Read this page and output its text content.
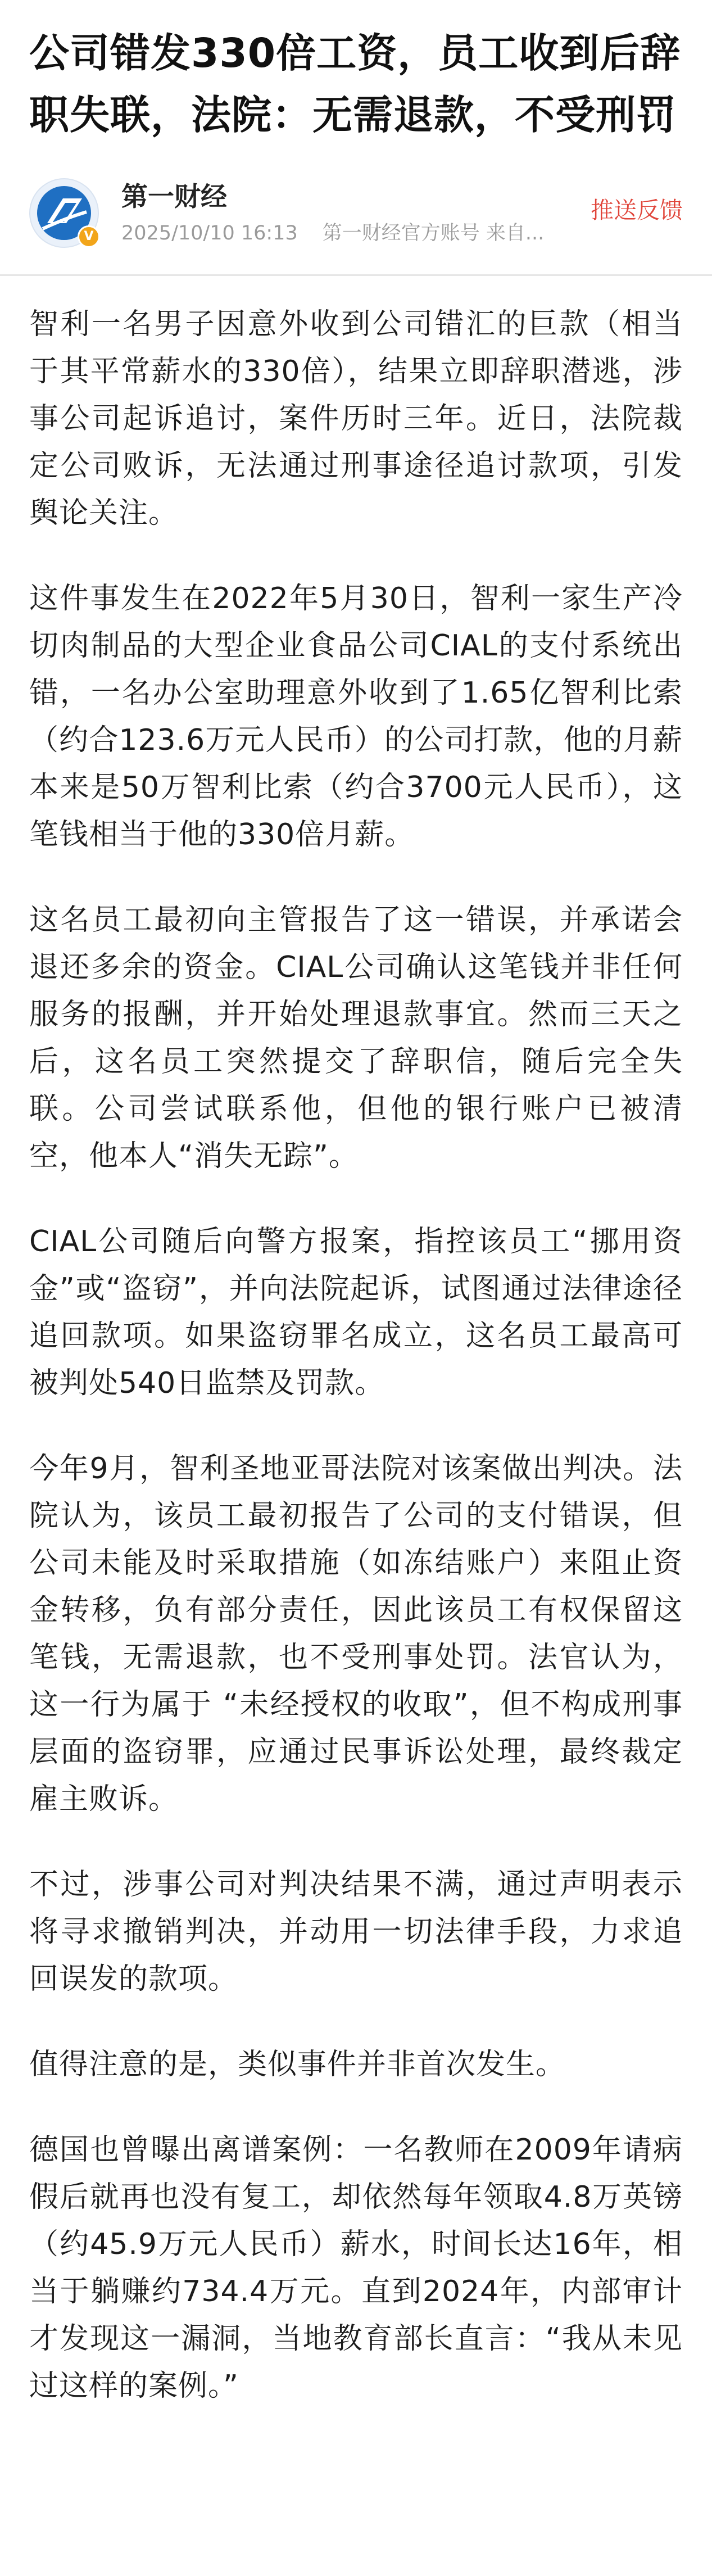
公司错发330倍工资，员工收到后辞职失联，法院：无需退款，不受刑罚
V
第一财经
2025/10/10 16:13 第一财经官方账号 来自...
推送反馈

智利一名男子因意外收到公司错汇的巨款（相当于其平常薪水的330倍），结果立即辞职潜逃，涉事公司起诉追讨，案件历时三年。近日，法院裁定公司败诉，无法通过刑事途径追讨款项，引发舆论关注。

这件事发生在2022年5月30日，智利一家生产冷切肉制品的大型企业食品公司CIAL的支付系统出错，一名办公室助理意外收到了1.65亿智利比索（约合123.6万元人民币）的公司打款，他的月薪本来是50万智利比索（约合3700元人民币），这笔钱相当于他的330倍月薪。

这名员工最初向主管报告了这一错误，并承诺会退还多余的资金。CIAL公司确认这笔钱并非任何服务的报酬，并开始处理退款事宜。然而三天之后，这名员工突然提交了辞职信，随后完全失联。公司尝试联系他，但他的银行账户已被清空，他本人“消失无踪”。

CIAL公司随后向警方报案，指控该员工“挪用资金”或“盗窃”，并向法院起诉，试图通过法律途径追回款项。如果盗窃罪名成立，这名员工最高可被判处540日监禁及罚款。

今年9月，智利圣地亚哥法院对该案做出判决。法院认为，该员工最初报告了公司的支付错误，但公司未能及时采取措施（如冻结账户）来阻止资金转移，负有部分责任，因此该员工有权保留这笔钱，无需退款，也不受刑事处罚。法官认为，这一行为属于 “未经授权的收取”，但不构成刑事层面的盗窃罪，应通过民事诉讼处理，最终裁定雇主败诉。

不过，涉事公司对判决结果不满，通过声明表示将寻求撤销判决，并动用一切法律手段，力求追回误发的款项。

值得注意的是，类似事件并非首次发生。

德国也曾曝出离谱案例：一名教师在2009年请病假后就再也没有复工，却依然每年领取4.8万英镑（约45.9万元人民币）薪水，时间长达16年，相当于躺赚约734.4万元。直到2024年，内部审计才发现这一漏洞，当地教育部长直言：“我从未见过这样的案例。”
